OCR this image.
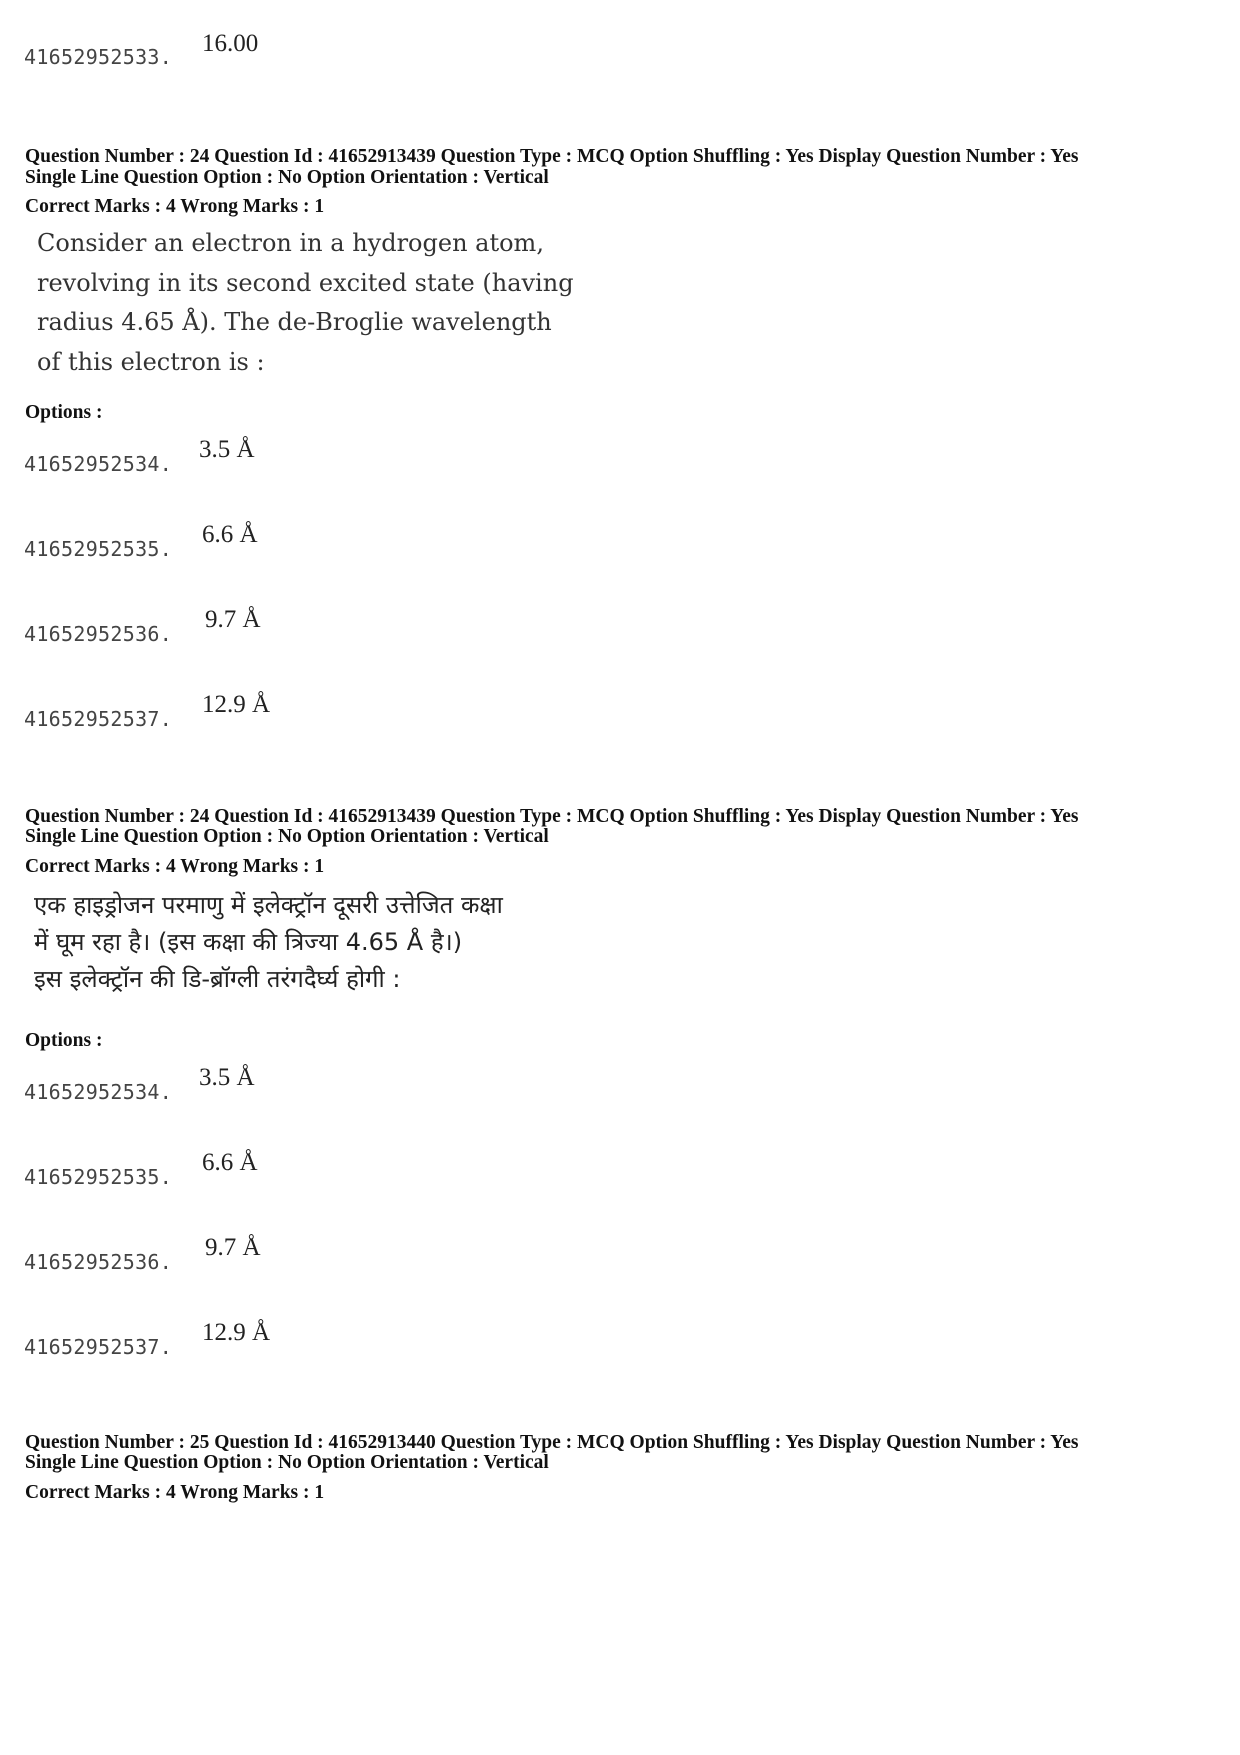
41652952533. 16.00
Question Number : 24 Question Id : 41652913439 Question Type : MCQ Option Shuffling : Yes Display Question Number : Yes
Single Line Question Option : No Option Orientation : Vertical
Correct Marks : 4 Wrong Marks : 1
Consider an electron in a hydrogen atom,
revolving in its second excited state (having
radius 4.65 Å). The de-Broglie wavelength
of this electron is :
Options :
41652952534.
3.5 Å
41652952535.
6.6 Å
41652952536.
9.7 Å
41652952537.
12.9 Å
Question Number : 24 Question Id : 41652913439 Question Type : MCQ Option Shuffling : Yes Display Question Number : Yes
Single Line Question Option : No Option Orientation : Vertical
Correct Marks : 4 Wrong Marks : 1
एक हाइड्रोजन परमाणु में इलेक्ट्रॉन दूसरी उत्तेजित कक्षा
में घूम रहा है। (इस कक्षा की त्रिज्या 4.65 Å है।)
इस इलेक्ट्रॉन की डि-ब्रॉग्ली तरंगदैर्घ्य होगी :
Options :
41652952534.
3.5 Å
41652952535.
6.6 Å
41652952536.
9.7 Å
41652952537.
12.9 Å
Question Number : 25 Question Id : 41652913440 Question Type : MCQ Option Shuffling : Yes Display Question Number : Yes
Single Line Question Option : No Option Orientation : Vertical
Correct Marks : 4 Wrong Marks : 1
